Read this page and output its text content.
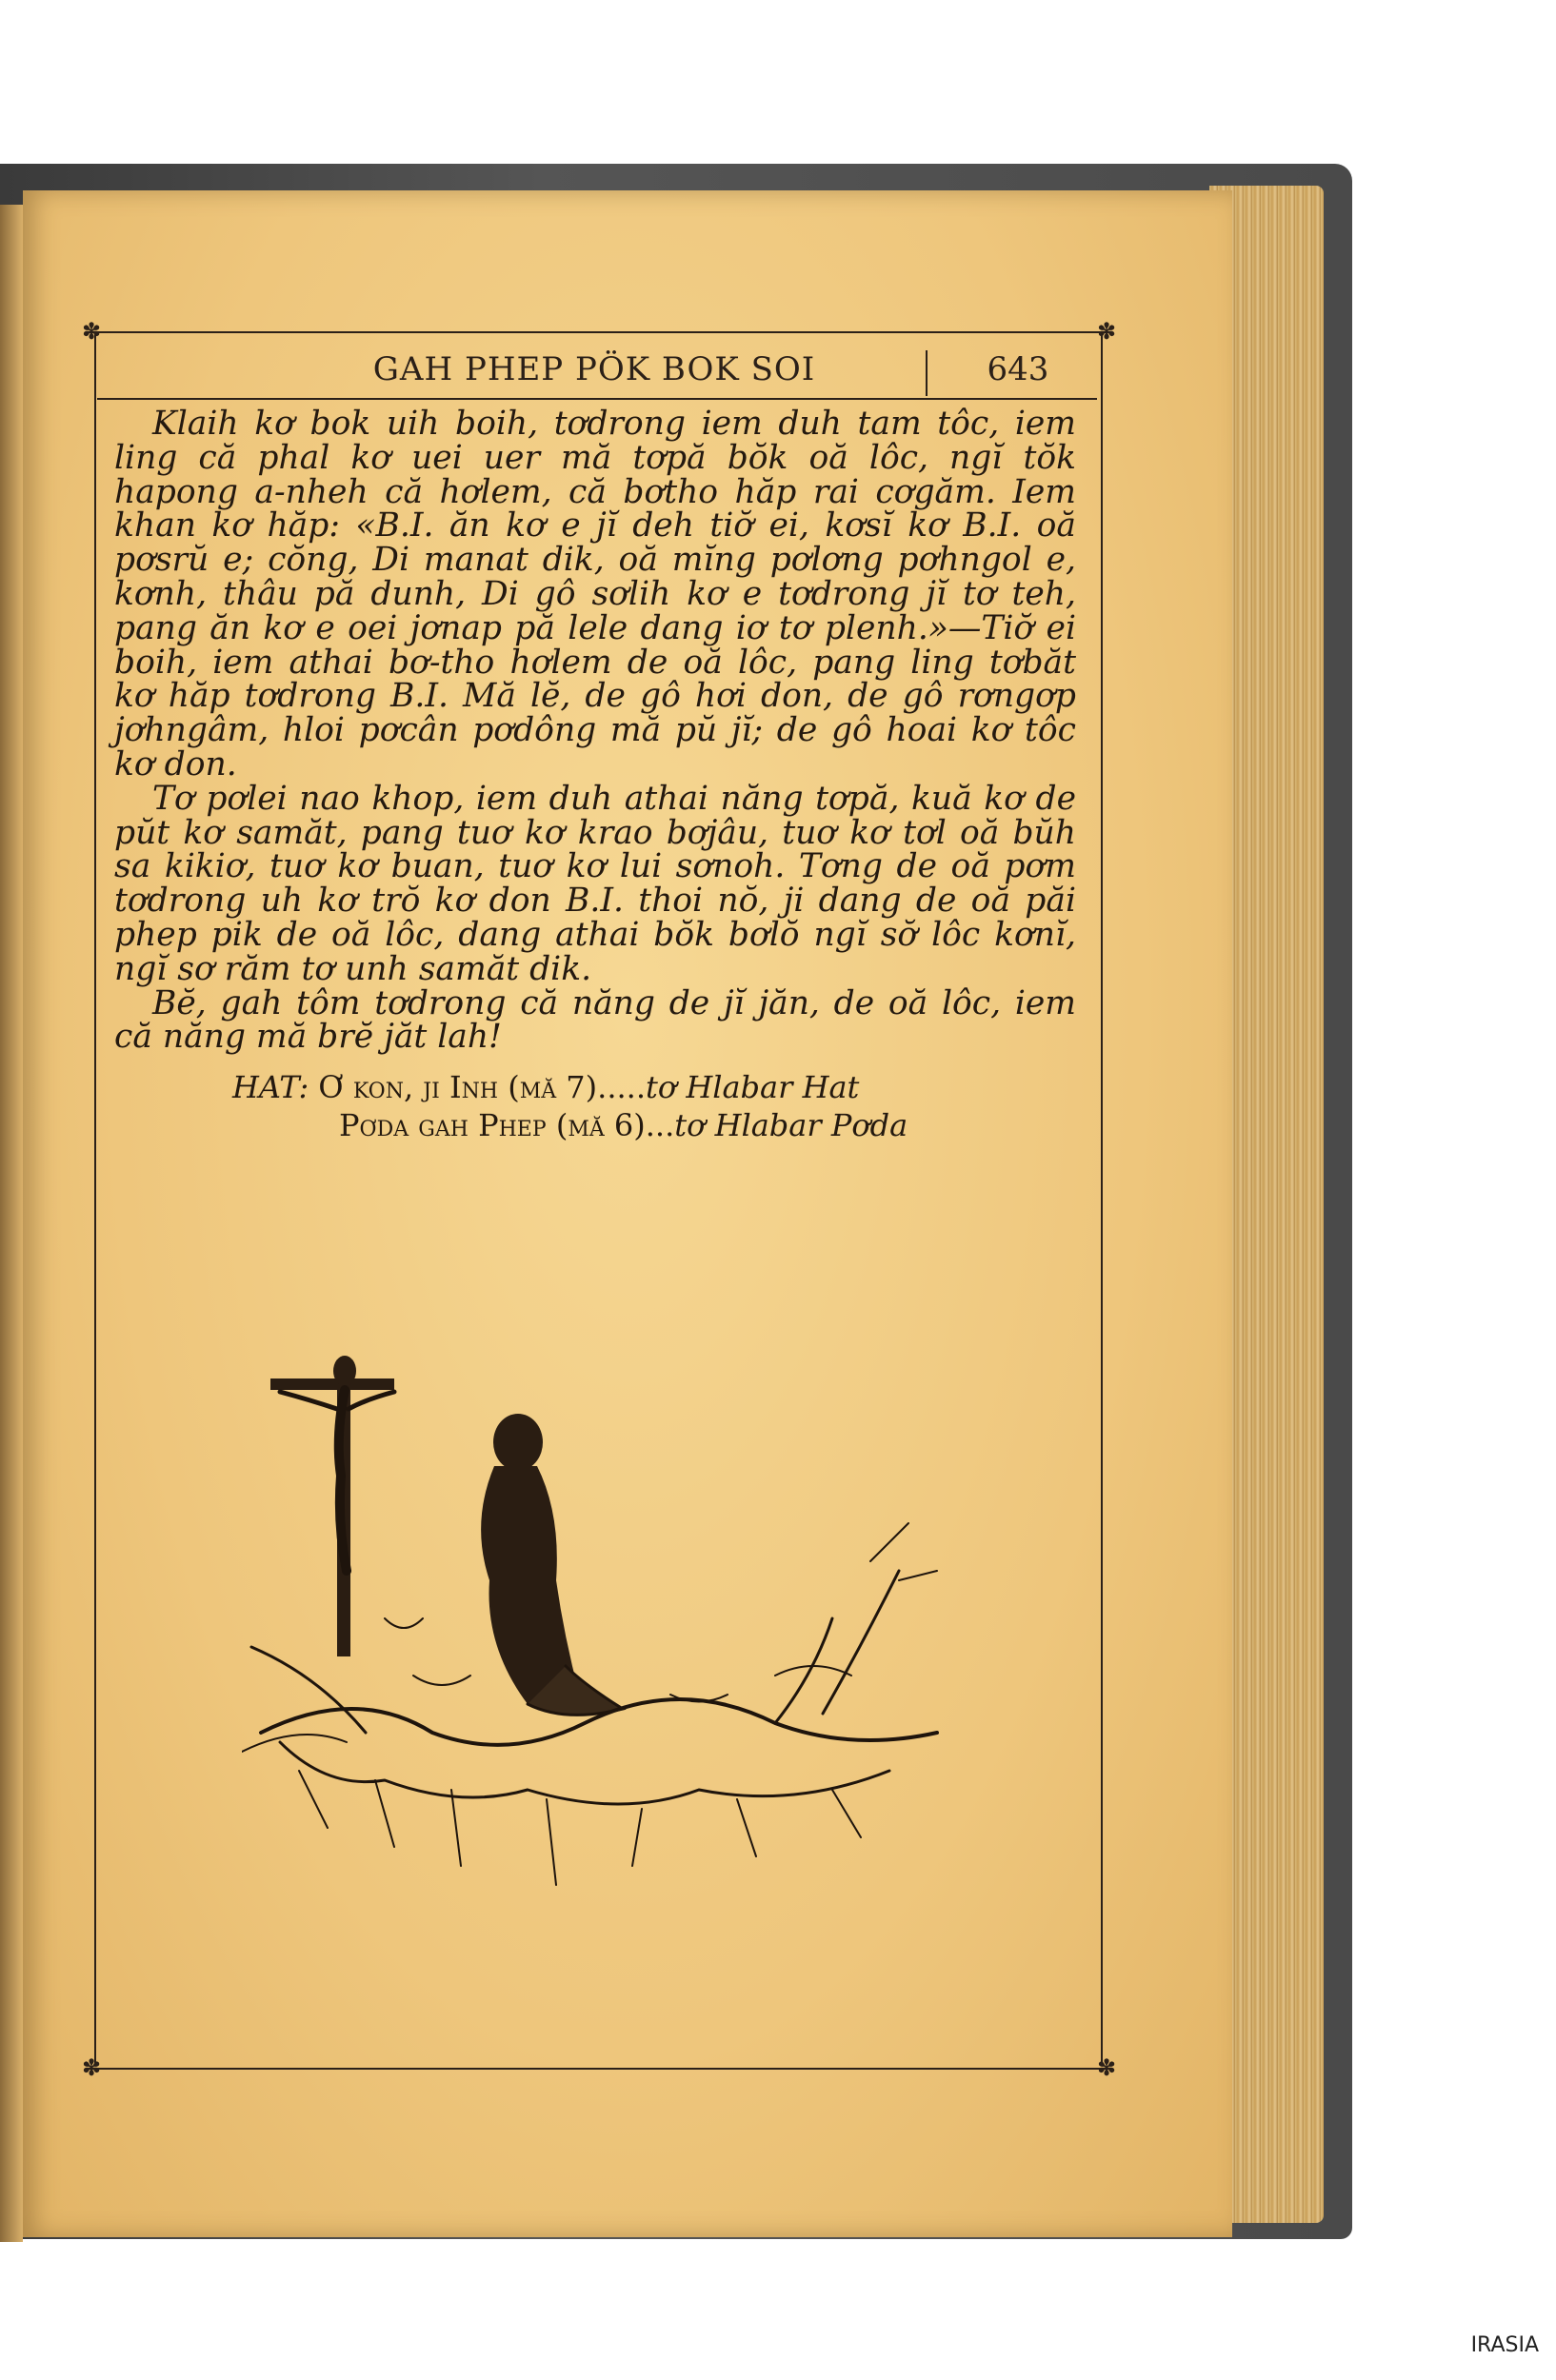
✽	✽
✽	✽
GAH PHEP PÖK BOK SOI	643

Klaih kơ bok uih boih, tơdrong iem duh tam tôc, iem ling că phal kơ uei uer mă tơpă bŏk oă lôc, ngĭ tŏk hapong a-nheh că hơlem, că bơtho hăp rai cơgăm. Iem khan kơ hăp: «B.I. ăn kơ e jĭ deh tiơ̆ ei, kơsĭ kơ B.I. oă pơsrŭ e; cŏng, Di manat dik, oă mĭng pơlơng pơhngol e, kơnh, thâu pă dunh, Di gô sơlih kơ e tơdrong jĭ tơ teh, pang ăn kơ e oei jơnap pă lele dang iơ tơ plenh.»—Tiơ̆ ei boih, iem athai bơ-tho hơlem de oă lôc, pang ling tơbăt kơ hăp tơdrong B.I. Mă lĕ, de gô hơi don, de gô rơngơp jơhngâm, hloi pơcân pơdông mă pŭ jĭ; de gô hoai kơ tôc kơ don.

Tơ pơlei nao khop, iem duh athai năng tơpă, kuă kơ de pŭt kơ samăt, pang tuơ kơ krao bơjâu, tuơ kơ tơl oă bŭh sa kikiơ, tuơ kơ buan, tuơ kơ lui sơnoh. Tơng de oă pơm tơdrong uh kơ trŏ kơ don B.I. thoi nŏ, ji dang de oă păi phep pik de oă lôc, dang athai bŏk bơlŏ ngĭ sơ̆ lôc kơnĭ, ngĭ sơ răm tơ unh samăt dik.

Bĕ, gah tôm tơdrong că năng de jĭ jăn, de oă lôc, iem că năng mă brĕ jăt lah!

HAT: Ơ kon, ji Inh (mă 7).....tơ Hlabar Hat
Pơda gah Phep (mă 6)...tơ Hlabar Pơda
IRASIA
